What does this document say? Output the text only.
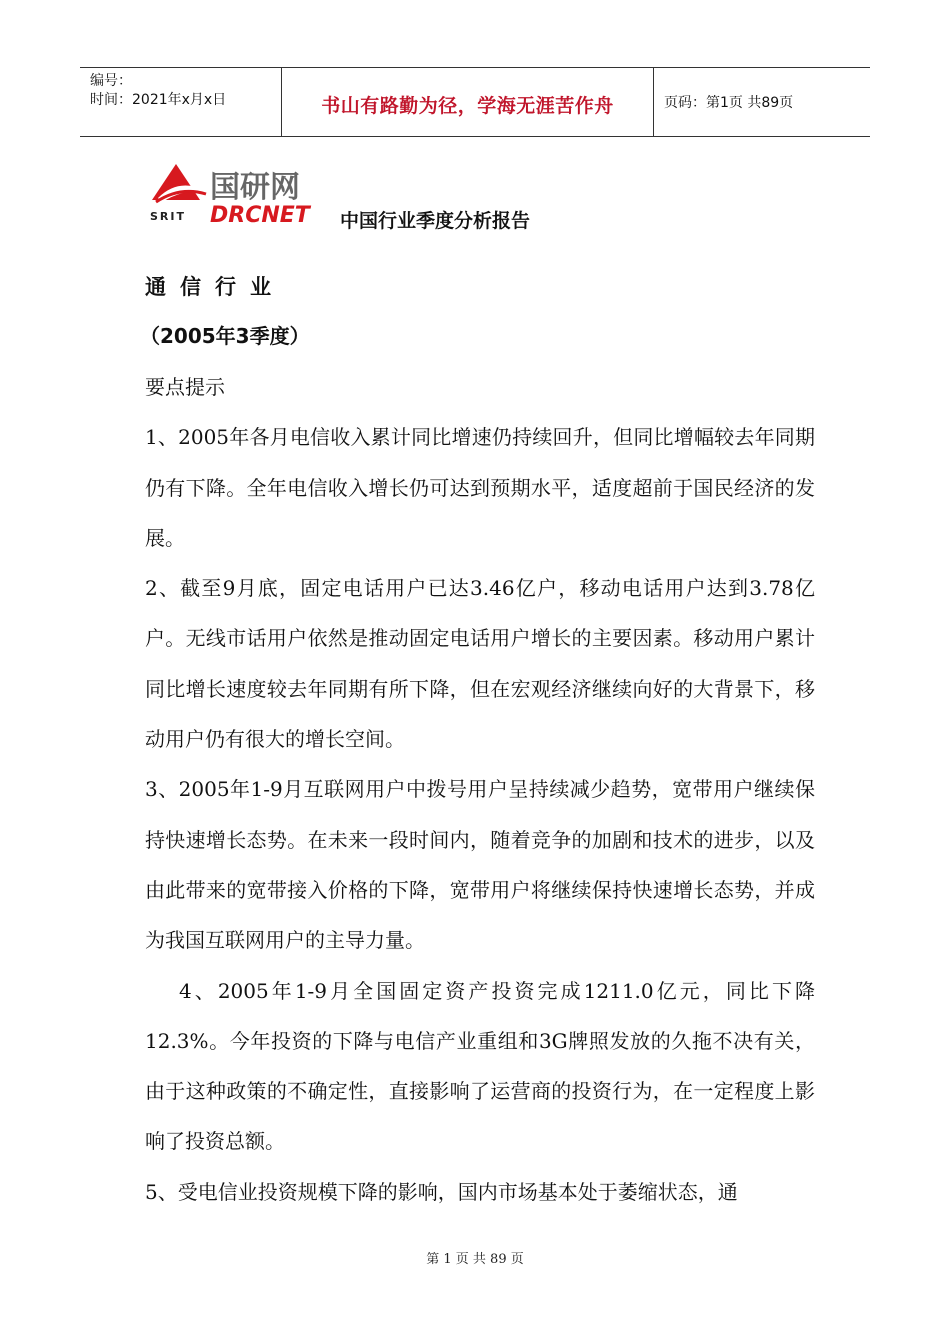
编号：
时间：2021年x月x日	书山有路勤为径，学海无涯苦作舟	页码：第1页 共89页
国研网
SRIT DRCNET 中国行业季度分析报告
通信行业
（2005年3季度）

要点提示

1、2005年各月电信收入累计同比增速仍持续回升，但同比增幅较去年同期仍有下降。全年电信收入增长仍可达到预期水平，适度超前于国民经济的发展。

2、截至9月底，固定电话用户已达3.46亿户，移动电话用户达到3.78亿户。无线市话用户依然是推动固定电话用户增长的主要因素。移动用户累计同比增长速度较去年同期有所下降，但在宏观经济继续向好的大背景下，移动用户仍有很大的增长空间。

3、2005年1-9月互联网用户中拨号用户呈持续减少趋势，宽带用户继续保持快速增长态势。在未来一段时间内，随着竞争的加剧和技术的进步，以及由此带来的宽带接入价格的下降，宽带用户将继续保持快速增长态势，并成为我国互联网用户的主导力量。

4、2005年1-9月全国固定资产投资完成1211.0亿元，同比下降12.3%。今年投资的下降与电信产业重组和3G牌照发放的久拖不决有关，由于这种政策的不确定性，直接影响了运营商的投资行为，在一定程度上影响了投资总额。

5、受电信业投资规模下降的影响，国内市场基本处于萎缩状态，通

第 1 页 共 89 页
